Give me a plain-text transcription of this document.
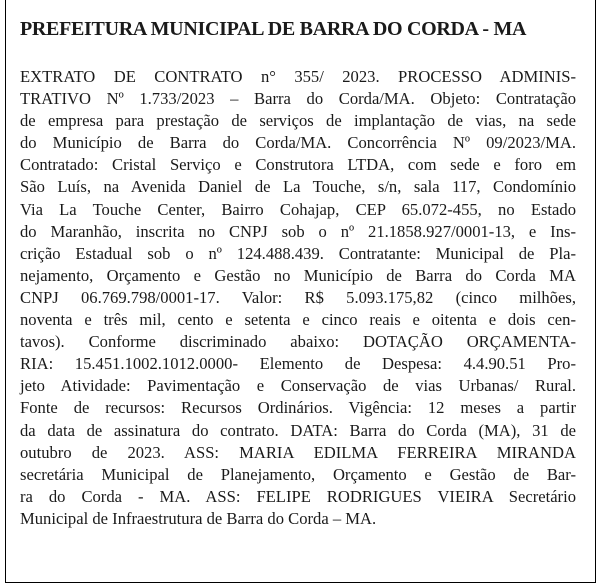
PREFEITURA MUNICIPAL DE BARRA DO CORDA - MA
EXTRATO DE CONTRATO n° 355/ 2023. PROCESSO ADMINIS-
TRATIVO Nº 1.733/2023 – Barra do Corda/MA. Objeto: Contratação
de empresa para prestação de serviços de implantação de vias, na sede
do Município de Barra do Corda/MA. Concorrência Nº 09/2023/MA.
Contratado: Cristal Serviço e Construtora LTDA, com sede e foro em
São Luís, na Avenida Daniel de La Touche, s/n, sala 117, Condomínio
Via La Touche Center, Bairro Cohajap, CEP 65.072-455, no Estado
do Maranhão, inscrita no CNPJ sob o nº 21.1858.927/0001-13, e Ins-
crição Estadual sob o nº 124.488.439. Contratante: Municipal de Pla-
nejamento, Orçamento e Gestão no Município de Barra do Corda MA
CNPJ 06.769.798/0001-17. Valor: R$ 5.093.175,82 (cinco milhões,
noventa e três mil, cento e setenta e cinco reais e oitenta e dois cen-
tavos). Conforme discriminado abaixo: DOTAÇÃO ORÇAMENTA-
RIA: 15.451.1002.1012.0000- Elemento de Despesa: 4.4.90.51 Pro-
jeto Atividade: Pavimentação e Conservação de vias Urbanas/ Rural.
Fonte de recursos: Recursos Ordinários. Vigência: 12 meses a partir
da data de assinatura do contrato. DATA: Barra do Corda (MA), 31 de
outubro de 2023. ASS: MARIA EDILMA FERREIRA MIRANDA
secretária Municipal de Planejamento, Orçamento e Gestão de Bar-
ra do Corda - MA. ASS: FELIPE RODRIGUES VIEIRA Secretário
Municipal de Infraestrutura de Barra do Corda – MA.
